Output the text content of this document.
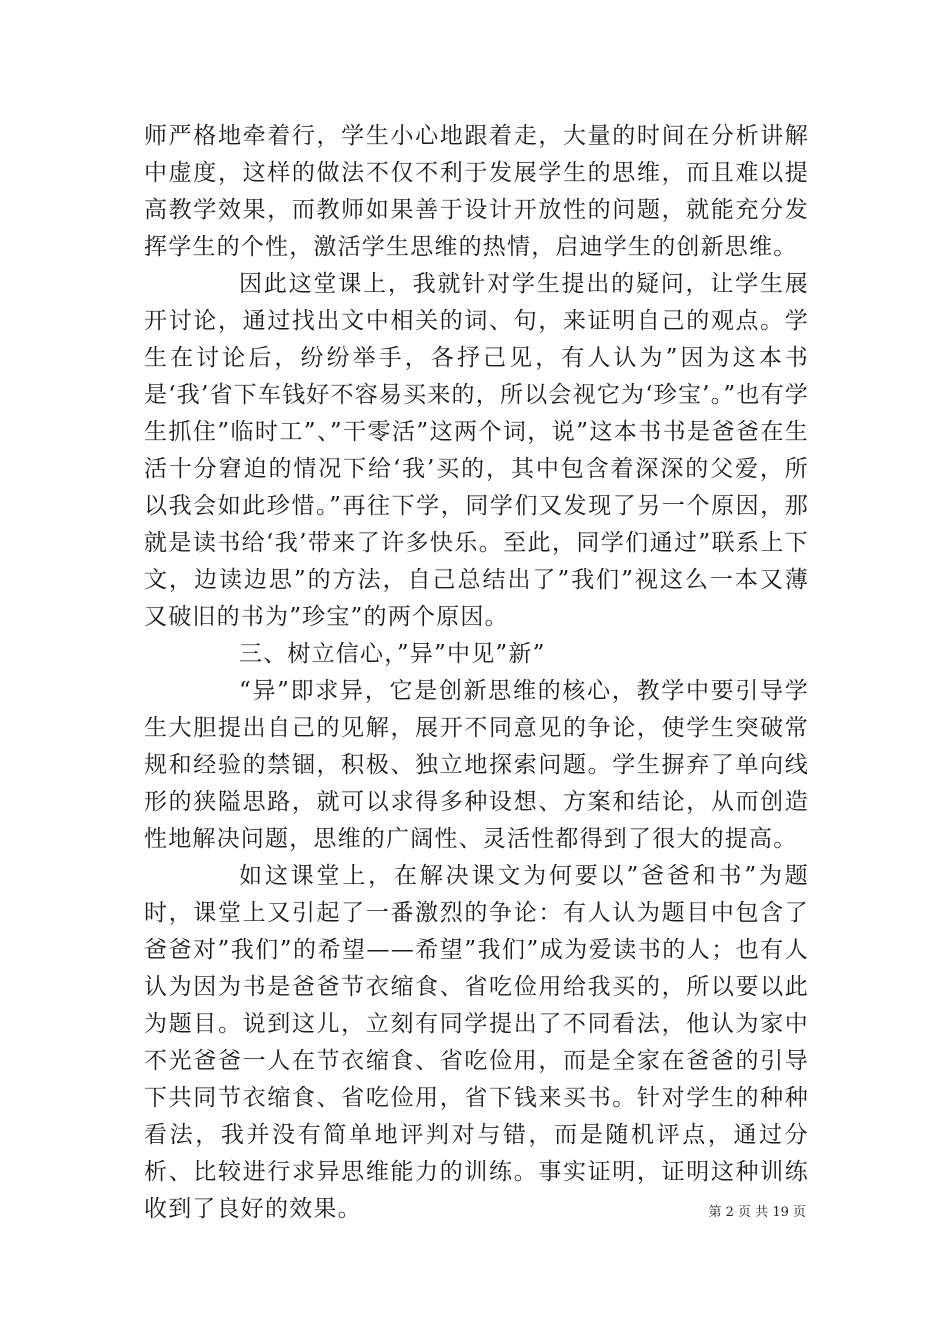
师严格地牵着行，学生小心地跟着走，大量的时间在分析讲解中虚度，这样的做法不仅不利于发展学生的思维，而且难以提高教学效果，而教师如果善于设计开放性的问题，就能充分发挥学生的个性，激活学生思维的热情，启迪学生的创新思维。

因此这堂课上，我就针对学生提出的疑问，让学生展开讨论，通过找出文中相关的词、句，来证明自己的观点。学生在讨论后，纷纷举手，各抒己见，有人认为”因为这本书是‘我’省下车钱好不容易买来的，所以会视它为‘珍宝’。”也有学生抓住”临时工”、”干零活”这两个词，说”这本书书是爸爸在生活十分窘迫的情况下给‘我’买的，其中包含着深深的父爱，所以我会如此珍惜。”再往下学，同学们又发现了另一个原因，那就是读书给‘我’带来了许多快乐。至此，同学们通过”联系上下文，边读边思”的方法，自己总结出了”我们”视这么一本又薄又破旧的书为”珍宝”的两个原因。

三、树立信心，”异”中见”新”

“异”即求异，它是创新思维的核心，教学中要引导学生大胆提出自己的见解，展开不同意见的争论，使学生突破常规和经验的禁锢，积极、独立地探索问题。学生摒弃了单向线形的狭隘思路，就可以求得多种设想、方案和结论，从而创造性地解决问题，思维的广阔性、灵活性都得到了很大的提高。

如这课堂上，在解决课文为何要以”爸爸和书”为题时，课堂上又引起了一番激烈的争论：有人认为题目中包含了爸爸对”我们”的希望——希望”我们”成为爱读书的人；也有人认为因为书是爸爸节衣缩食、省吃俭用给我买的，所以要以此为题目。说到这儿，立刻有同学提出了不同看法，他认为家中不光爸爸一人在节衣缩食、省吃俭用，而是全家在爸爸的引导下共同节衣缩食、省吃俭用，省下钱来买书。针对学生的种种看法，我并没有简单地评判对与错，而是随机评点，通过分析、比较进行求异思维能力的训练。事实证明，证明这种训练收到了良好的效果。	第 2 页 共 19 页
